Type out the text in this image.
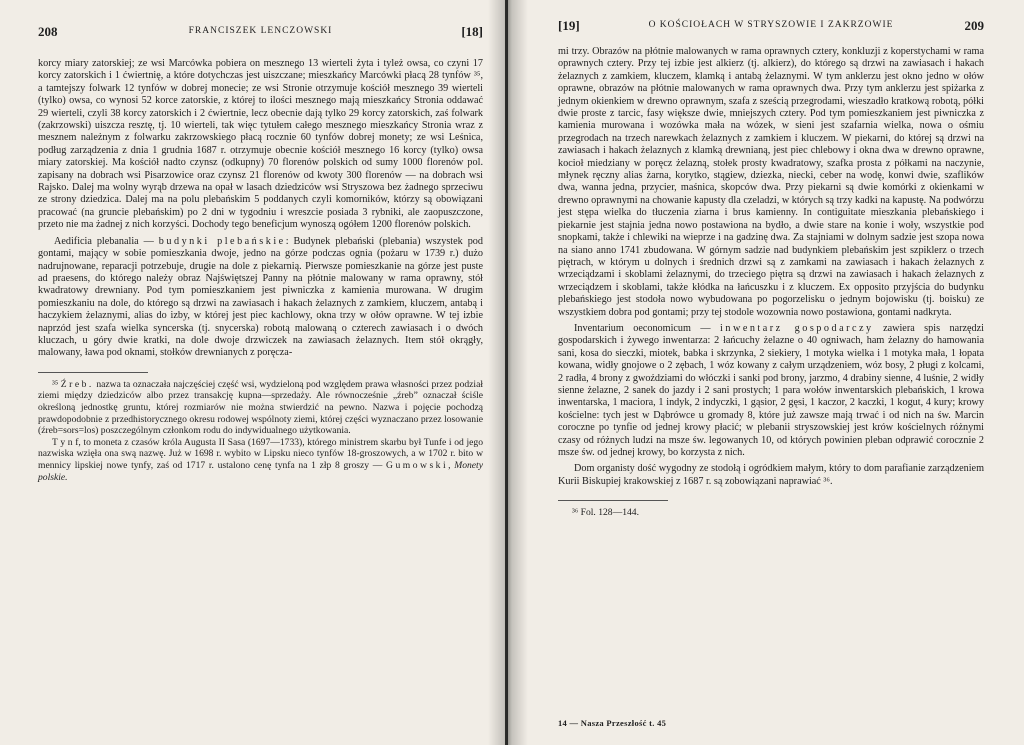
208	FRANCISZEK LENCZOWSKI	[18]

korcy miary zatorskiej; ze wsi Marcówka pobiera on mesznego 13 wierteli żyta i tyleż owsa, co czyni 17 korcy zatorskich i 1 ćwiertnię, a które dotychczas jest uiszczane; mieszkańcy Marcówki płacą 28 tynfów ³⁵, a tamtejszy folwark 12 tynfów w dobrej monecie; ze wsi Stronie otrzymuje kościół mesznego 39 wierteli (tylko) owsa, co wynosi 52 korce zatorskie, z której to ilości mesznego mają mieszkańcy Stronia oddawać 29 wierteli, czyli 38 korcy zatorskich i 2 ćwiertnie, lecz obecnie dają tylko 29 korcy zatorskich, zaś folwark (zakrzowski) uiszcza resztę, tj. 10 wierteli, tak więc tytułem całego mesznego mieszkańcy Stronia wraz z mesznem należnym z folwarku zakrzowskiego płacą rocznie 60 tynfów dobrej monety; ze wsi Leśnica, podług zarządzenia z dnia 1 grudnia 1687 r. otrzymuje obecnie kościół mesznego 16 korcy (tylko) owsa miary zatorskiej. Ma kościół nadto czynsz (odkupny) 70 florenów polskich od sumy 1000 florenów pol. zapisany na dobrach wsi Pisarzowice oraz czynsz 21 florenów od kwoty 300 florenów — na dobrach wsi Rajsko. Dalej ma wolny wyrąb drzewa na opał w lasach dziedziców wsi Stryszowa bez żadnego sprzeciwu ze strony dziedzica. Dalej ma na polu plebańskim 5 poddanych czyli komorników, którzy są obowiązani pracować (na gruncie plebańskim) po 2 dni w tygodniu i wreszcie posiada 3 rybniki, ale zaopuszczone, przeto nie ma żadnej z nich korzyści. Dochody tego beneficjum wynoszą ogółem 1200 florenów polskich.

Aedificia plebanalia — budynki plebańskie: Budynek plebański (plebania) wszystek pod gontami, mający w sobie pomieszkania dwoje, jedno na górze podczas ognia (pożaru w 1739 r.) dużo nadrujnowane, reparacji potrzebuje, drugie na dole z piekarnią. Pierwsze pomieszkanie na górze jest puste ad praesens, do którego należy obraz Najświętszej Panny na płótnie malowany w rama oprawny, stół kwadratowy drewniany. Pod tym pomieszkaniem jest piwniczka z kamienia murowana. W drugim pomieszkaniu na dole, do którego są drzwi na zawiasach i hakach żelaznych z zamkiem, kluczem, antabą i haczykiem żelaznymi, alias do izby, w której jest piec kachlowy, okna trzy w ołów oprawne. W tej izbie naprzód jest szafa wielka syncerska (tj. snycerska) robotą malowaną o czterech zawiasach i o dwóch kluczach, u góry dwie kratki, na dole dwoje drzwiczek na zawiasach żelaznych. Item stół okrągły, malowany, ława pod oknami, stołków drewnianych z poręcza-

³⁵ Źreb. nazwa ta oznaczała najczęściej część wsi, wydzieloną pod względem prawa własności przez podział ziemi między dziedziców albo przez transakcję kupna—sprzedaży. Ale równocześnie „źreb” oznaczał ściśle określoną jednostkę gruntu, której rozmiarów nie można stwierdzić na pewno. Nazwa i pojęcie pochodzą prawdopodobnie z przedhistorycznego okresu rodowej wspólnoty ziemi, której części wyznaczano przez losowanie (źreb=sors=los) poszczególnym członkom rodu do indywidualnego użytkowania.

T y n f, to moneta z czasów króla Augusta II Sasa (1697—1733), którego ministrem skarbu był Tunfe i od jego nazwiska wzięła ona swą nazwę. Już w 1698 r. wybito w Lipsku nieco tynfów 18-groszowych, a w 1702 r. bito w mennicy lipskiej nowe tynfy, zaś od 1717 r. ustalono cenę tynfa na 1 złp 8 groszy — Gumowski, Monety polskie.

[19]	O KOŚCIOŁACH W STRYSZOWIE I ZAKRZOWIE	209

mi trzy. Obrazów na płótnie malowanych w rama oprawnych cztery, konkluzji z koperstychami w rama oprawnych cztery. Przy tej izbie jest alkierz (tj. alkierz), do którego są drzwi na zawiasach i hakach żelaznych z zamkiem, kluczem, klamką i antabą żelaznymi. W tym anklerzu jest okno jedno w ołów oprawne, obrazów na płótnie malowanych w rama oprawnych dwa. Przy tym anklerzu jest spiżarka z jednym okienkiem w drewno oprawnym, szafa z sześcią przegrodami, wieszadło kratkową robotą, półki dwie proste z tarcic, fasy większe dwie, mniejszych cztery. Pod tym pomieszkaniem jest piwniczka z kamienia murowana i wozówka mała na wózek, w sieni jest szafarnia wielka, nowa o ośmiu przegrodach na trzech narewkach żelaznych z zamkiem i kluczem. W piekarni, do której są drzwi na zawiasach i hakach żelaznych z klamką drewnianą, jest piec chlebowy i okna dwa w drewno oprawne, kocioł miedziany w poręcz żelazną, stołek prosty kwadratowy, szafka prosta z półkami na naczynie, młynek ręczny alias żarna, korytko, stągiew, dziezka, niecki, ceber na wodę, konwi dwie, szaflików dwa, wanna jedna, przycier, maśnica, skopców dwa. Przy piekarni są dwie komórki z okienkami w drewno oprawnymi na chowanie kapusty dla czeladzi, w których są trzy kadki na kapustę. Na podwórzu jest stępa wielka do tłuczenia ziarna i brus kamienny. In contiguitate mieszkania plebańskiego i piekarnie jest stajnia jedna nowo postawiona na bydło, a dwie stare na konie i woły, wszystkie pod snopkami, także i chlewiki na wieprze i na gadzinę dwa. Za stajniami w dolnym sadzie jest szopa nowa na siano anno 1741 zbudowana. W górnym sadzie nad budynkiem plebańskim jest szpiklerz o trzech piętrach, w którym u dolnych i średnich drzwi są z zamkami na zawiasach i hakach żelaznych z wrzeciądzami i skoblami żelaznymi, do trzeciego piętra są drzwi na zawiasach i hakach żelaznych z wrzeciądzem i skoblami, także kłódka na łańcuszku i z kluczem. Ex opposito przyjścia do budynku plebańskiego jest stodoła nowo wybudowana po pogorzelisku o jednym bojowisku (tj. boisku) ze wszystkiem dobra pod gontami; przy tej stodole wozownia nowo postawiona, gontami nadkryta.

Inventarium oeconomicum — inwentarz gospodarczy zawiera spis narzędzi gospodarskich i żywego inwentarza: 2 łańcuchy żelazne o 40 ogniwach, ham żelazny do hamowania sani, kosa do sieczki, miotek, babka i skrzynka, 2 siekiery, 1 motyka wielka i 1 motyka mała, 1 łopata kowana, widły gnojowe o 2 zębach, 1 wóz kowany z całym urządzeniem, wóz bosy, 2 pługi z kolcami, 2 radła, 4 brony z gwoździami do włóczki i sanki pod brony, jarzmo, 4 drabiny sienne, 4 luśnie, 2 widły sienne żelazne, 2 sanek do jazdy i 2 sani prostych; 1 para wołów inwentarskich plebańskich, 1 krowa inwentarska, 1 maciora, 1 indyk, 2 indyczki, 1 gąsior, 2 gęsi, 1 kaczor, 2 kaczki, 1 kogut, 4 kury; krowy kościelne: tych jest w Dąbrówce u gromady 8, które już zawsze mają trwać i od nich na św. Marcin coroczne po tynfie od jednej krowy płacić; w plebanii stryszowskiej jest krów kościelnych różnymi czasy od różnych ludzi na msze św. legowanych 10, od których powinien pleban odprawić corocznie 2 msze św. od jednej krowy, bo korzysta z nich.

Dom organisty dość wygodny ze stodołą i ogródkiem małym, który to dom parafianie zarządzeniem Kurii Biskupiej krakowskiej z 1687 r. są zobowiązani naprawiać ³⁶.

³⁶ Fol. 128—144.

14 — Nasza Przeszłość t. 45
